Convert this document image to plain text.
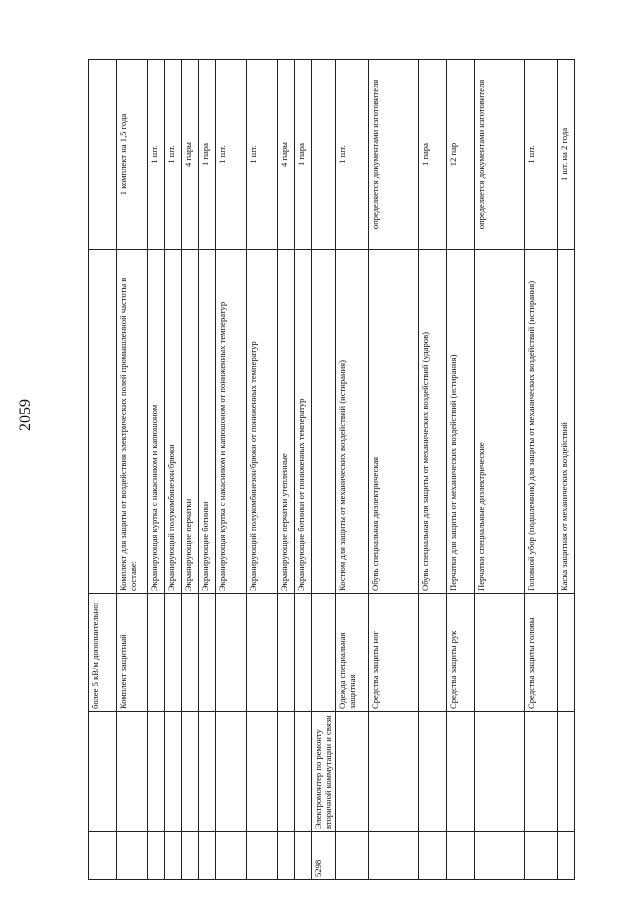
2059
		более 5 кВ/м дополнительно:		
		Комплект защитный	Комплект для защиты от воздействия электрических полей промышленной частоты в составе:	1 комплект на 1,5 года
			Экранирующая куртка с накасником и капюшоном	1 шт.
			Экранирующий полукомбинезон/брюки	1 шт.
			Экранирующие перчатки	4 пары
			Экранирующие ботинки	1 пара
			Экранирующая куртка с накасником и капюшоном от пониженных температур	1 шт.
			Экранирующий полукомбинезон/брюки от пониженных температур	1 шт.
			Экранирующие перчатки утепленные	4 пары
			Экранирующие ботинки от пониженных температур	1 пара
5298	Электромонтер по ремонту вторичной коммутации и связи			
		Одежда специальная защитная	Костюм для защиты от механических воздействий (истирания)	1 шт.
		Средства защиты ног	Обувь специальная диэлектрическая	определяется документами изготовителя
			Обувь специальная для защиты от механических воздействий (ударов)	1 пара
		Средства защиты рук	Перчатки для защиты от механических воздействий (истирания)	12 пар
			Перчатки специальные диэлектрические	определяется документами изготовителя
		Средства защиты головы	Головной убор (подшлемник) для защиты от механических воздействий (истирания)	1 шт.
			Каска защитная от механических воздействий	1 шт. на 2 года
